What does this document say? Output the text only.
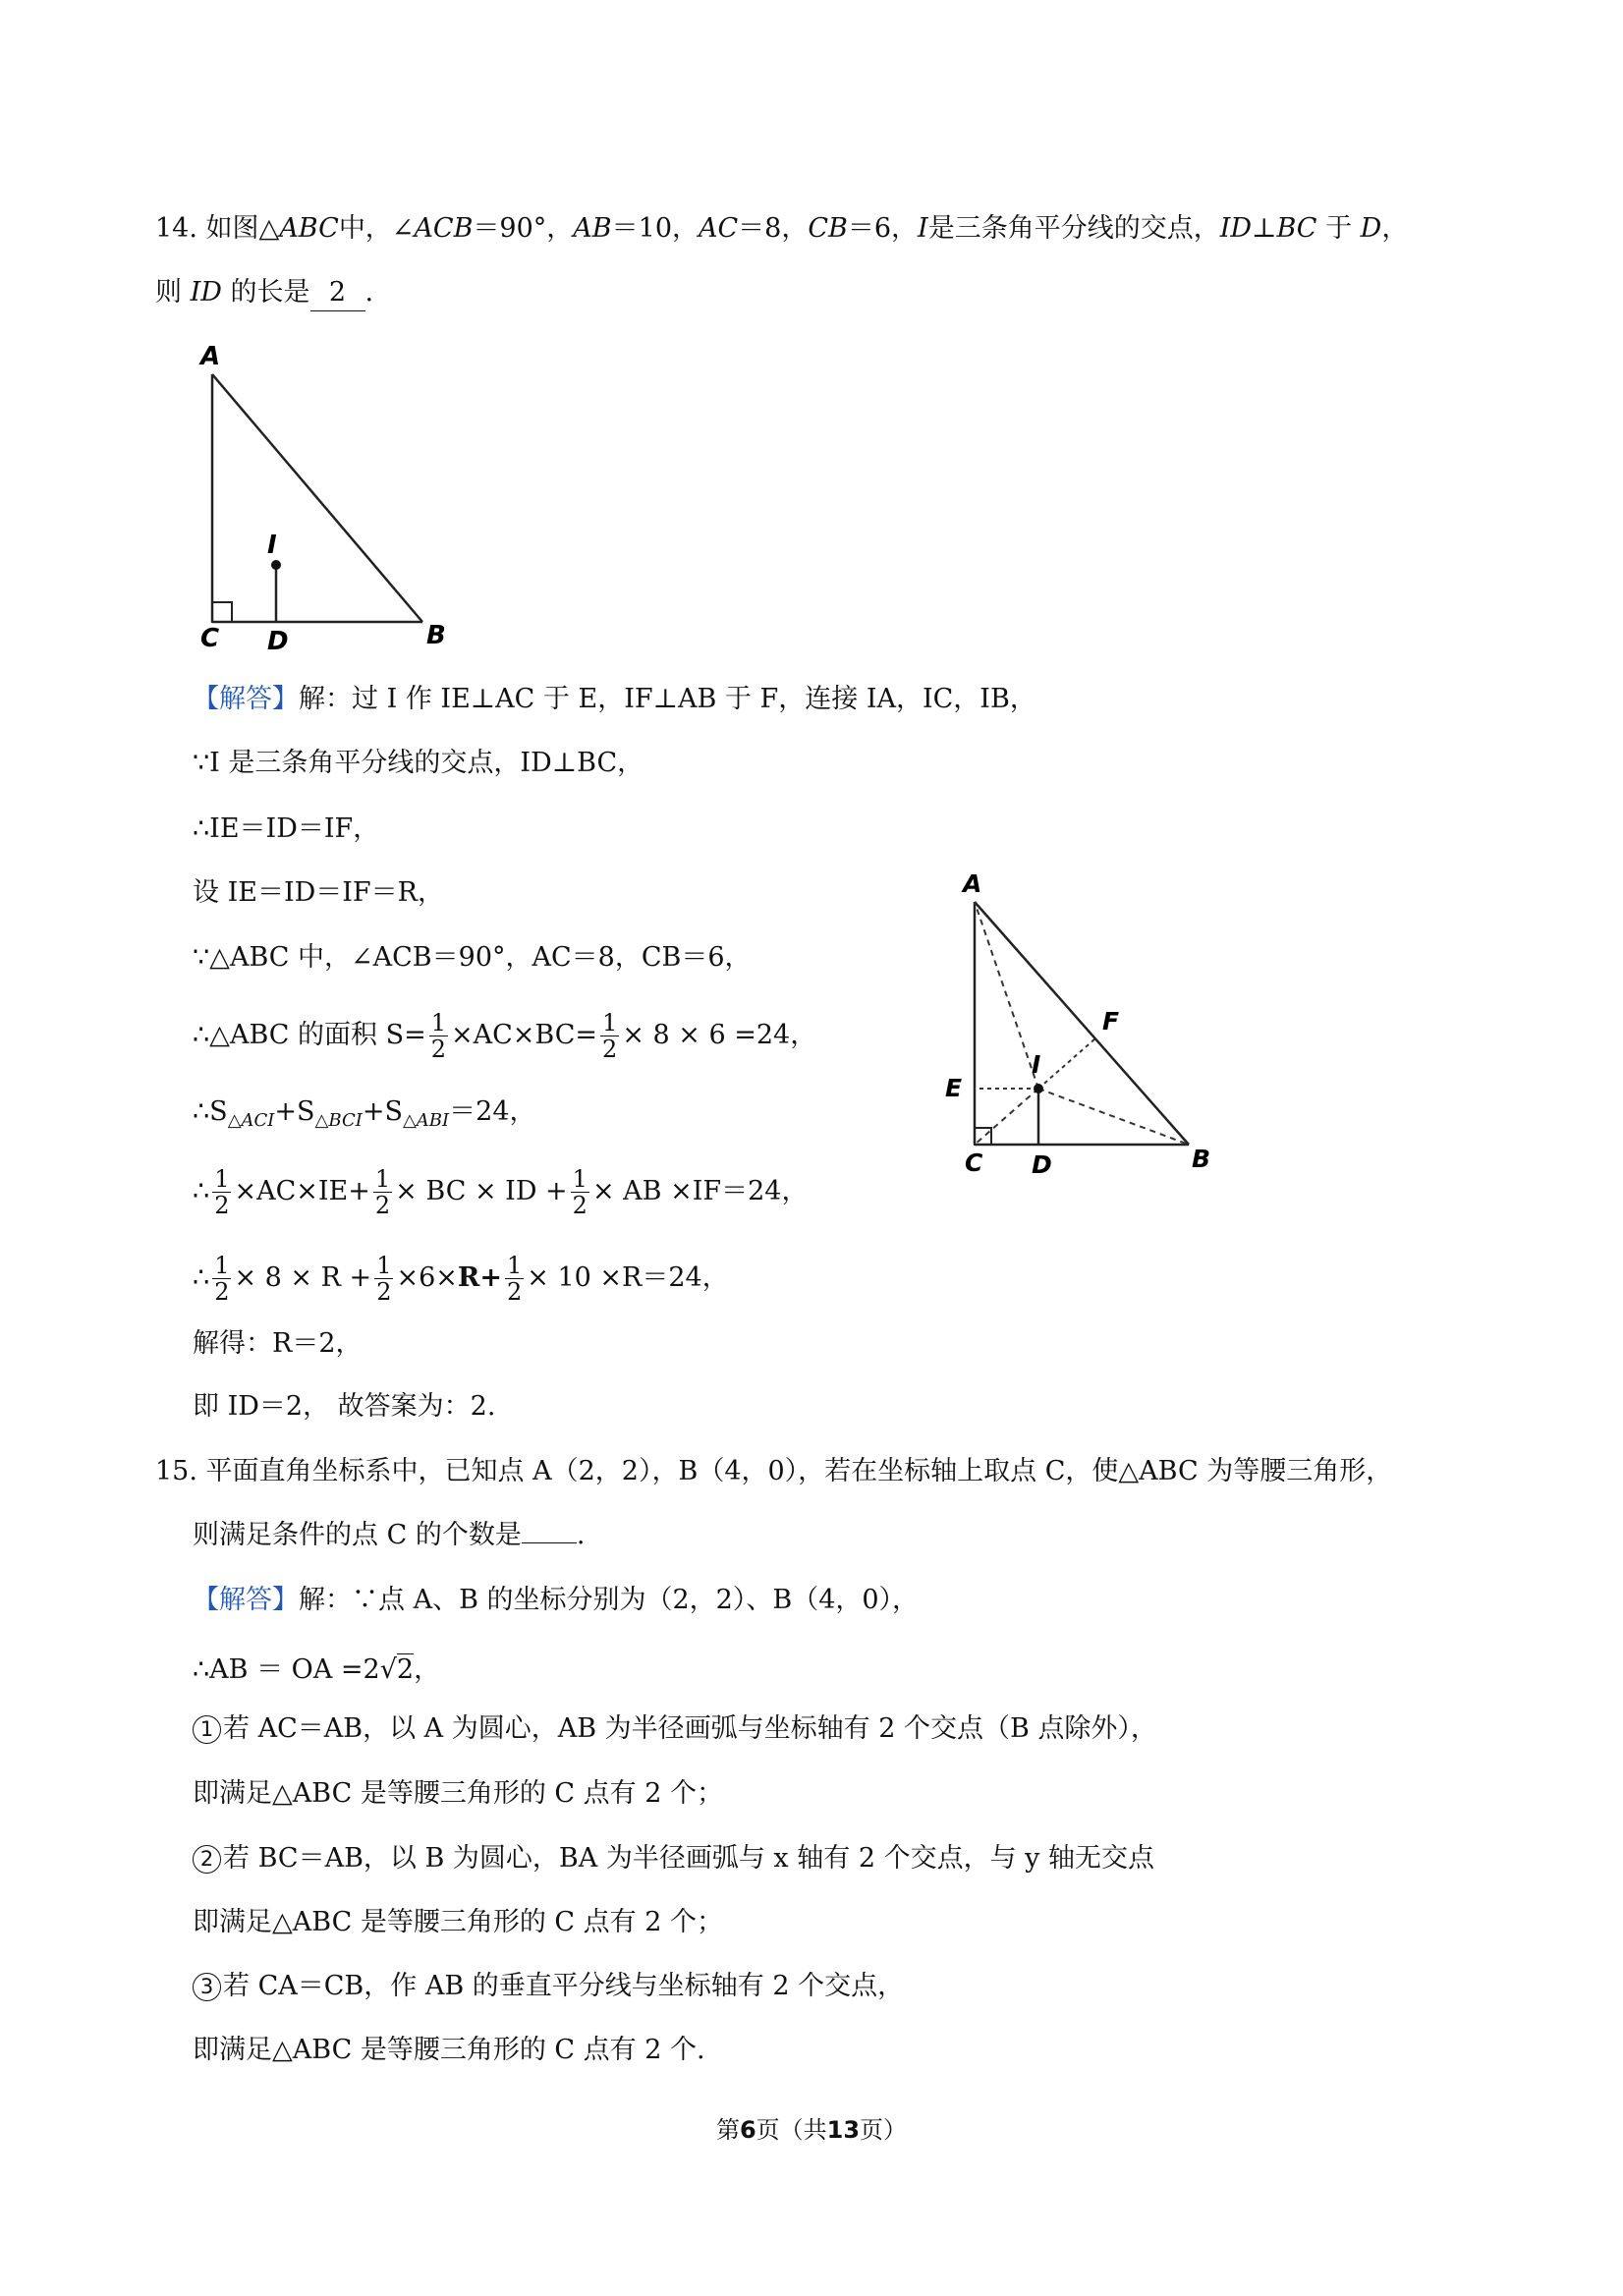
14. 如图△ABC中，∠ACB＝90°，AB＝10，AC＝8，CB＝6，I是三条角平分线的交点，ID⊥BC 于 D，
则 ID 的长是 2 .
A
C D	B
I
【解答】解：过 I 作 IE⊥AC 于 E，IF⊥AB 于 F，连接 IA，IC，IB，
∵I 是三条角平分线的交点，ID⊥BC，
∴IE＝ID＝IF，
设 IE＝ID＝IF＝R，
∵△ABC 中，∠ACB＝90°，AC＝8，CB＝6，
∴△ABC 的面积 $S= \frac{1}{2} \times AC\times BC= \frac{1}{2} \times 8 \times 6 =24$，
$\therefore S_{\triangle ACI}+S_{\triangle BCI}+S_{\triangle ABI}=24$，
∴ $\frac{1}{2} \times AC\times IE+ \frac{1}{2}$ × BC × ID + $\frac{1}{2}$ × AB ×IF＝24，
∴ $\frac{1}{2} \times 8 \times R + \frac{1}{2} \times 6\times R+ \frac{1}{2} \times 10 \times R=24$，
解得：R＝2，
即 ID＝2， 故答案为：2.
A
F
I
E
C D	B
15. 平面直角坐标系中，已知点 A（2，2），B（4，0），若在坐标轴上取点 C，使△ABC 为等腰三角形，
则满足条件的点 C 的个数是 .
【解答】解：∵点 A、B 的坐标分别为（2，2）、B（4，0），
∴AB ＝ OA =2√2，
1 若 AC＝AB，以 A 为圆心，AB 为半径画弧与坐标轴有 2 个交点（B 点除外），
即满足△ABC 是等腰三角形的 C 点有 2 个；
2 若 BC＝AB，以 B 为圆心，BA 为半径画弧与 x 轴有 2 个交点，与 y 轴无交点
即满足△ABC 是等腰三角形的 C 点有 2 个；
3 若 CA＝CB，作 AB 的垂直平分线与坐标轴有 2 个交点，
即满足△ABC 是等腰三角形的 C 点有 2 个.
第6页（共13页）
